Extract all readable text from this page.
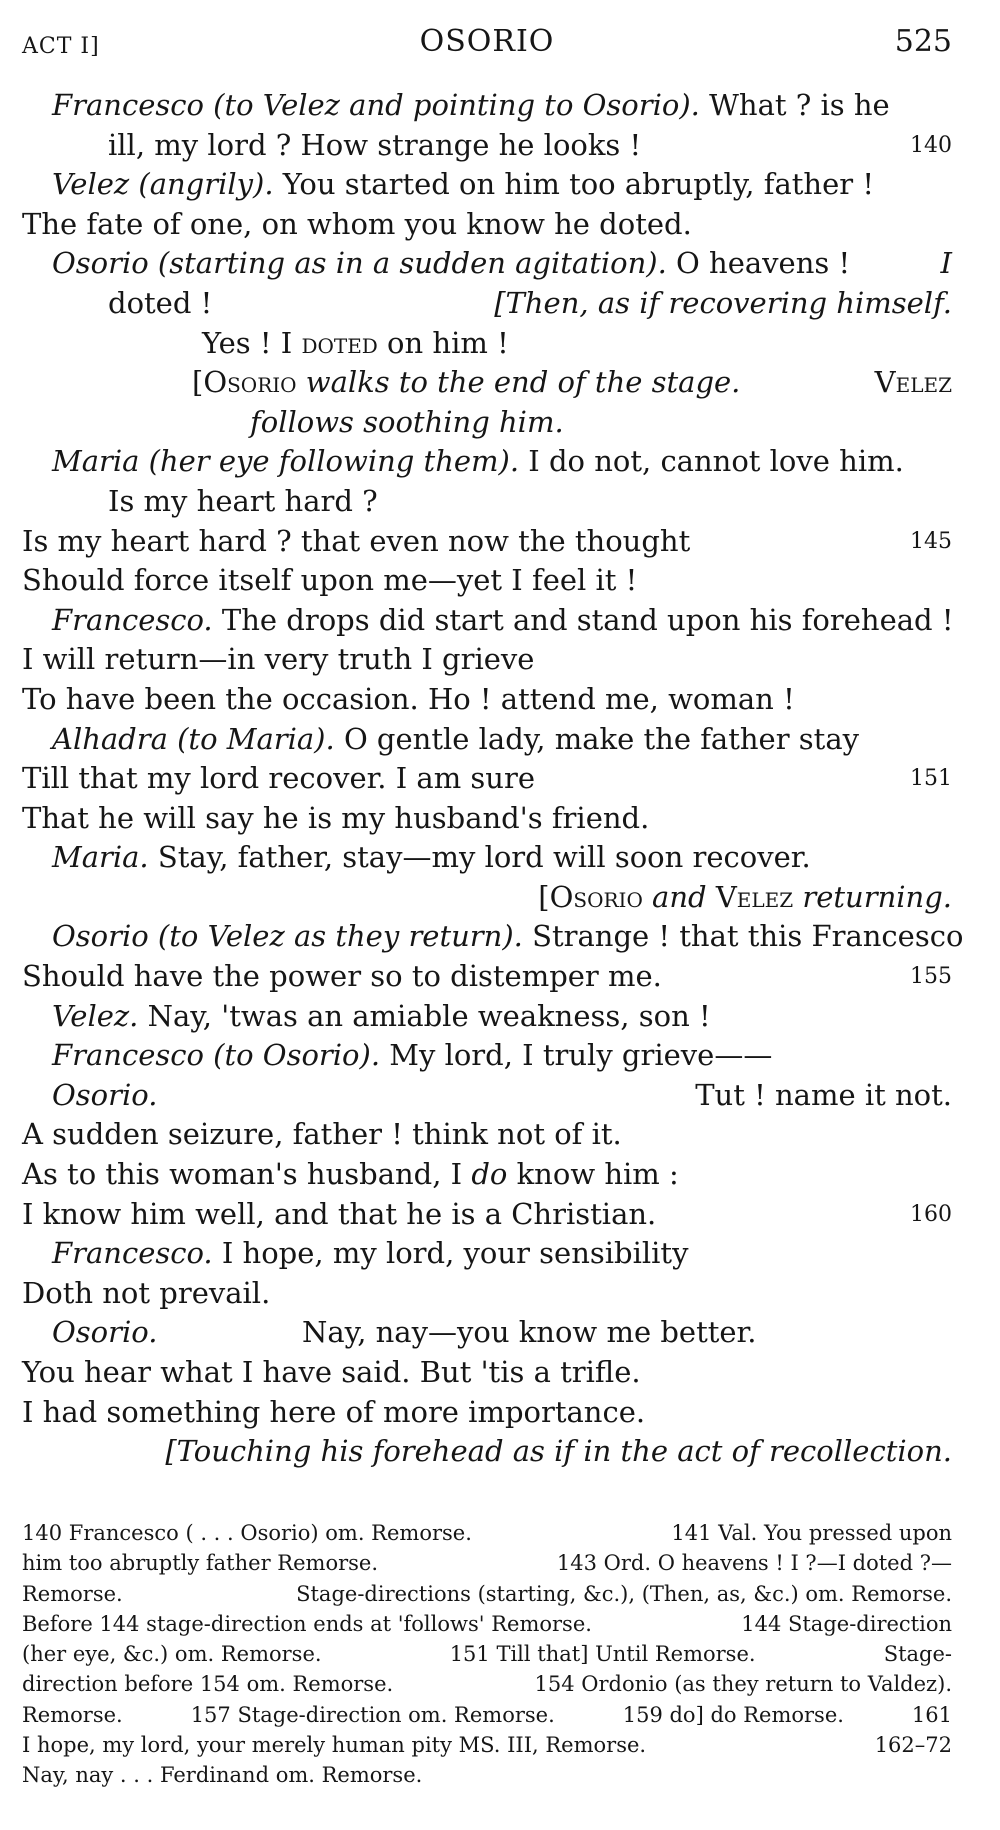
ACT I]	OSORIO	525
Francesco (to Velez and pointing to Osorio). What ? is he
ill, my lord ? How strange he looks !	140
Velez (angrily). You started on him too abruptly, father !
The fate of one, on whom you know he doted.
Osorio (starting as in a sudden agitation). O heavens !	I
doted !	[Then, as if recovering himself.
Yes ! I doted on him !
[Osorio walks to the end of the stage.	Velez
follows soothing him.
Maria (her eye following them). I do not, cannot love him.
Is my heart hard ?
Is my heart hard ? that even now the thought	145
Should force itself upon me—yet I feel it !
Francesco. The drops did start and stand upon his forehead !
I will return—in very truth I grieve
To have been the occasion. Ho ! attend me, woman !
Alhadra (to Maria). O gentle lady, make the father stay
Till that my lord recover. I am sure	151
That he will say he is my husband's friend.
Maria. Stay, father, stay—my lord will soon recover.
[Osorio and Velez returning.
Osorio (to Velez as they return). Strange ! that this Francesco
Should have the power so to distemper me.	155
Velez. Nay, 'twas an amiable weakness, son !
Francesco (to Osorio). My lord, I truly grieve——
Osorio.	Tut ! name it not.
A sudden seizure, father ! think not of it.
As to this woman's husband, I do know him :
I know him well, and that he is a Christian.	160
Francesco. I hope, my lord, your sensibility
Doth not prevail.
Osorio.	Nay, nay—you know me better.
You hear what I have said. But 'tis a trifle.
I had something here of more importance.
[Touching his forehead as if in the act of recollection.
140 Francesco ( . . . Osorio) om. Remorse.	141 Val. You pressed upon
him too abruptly father Remorse.	143 Ord. O heavens ! I ?—I doted ?—
Remorse.	Stage-directions (starting, &c.), (Then, as, &c.) om. Remorse.
Before 144 stage-direction ends at 'follows' Remorse.	144 Stage-direction
(her eye, &c.) om. Remorse.	151 Till that] Until Remorse.	Stage-
direction before 154 om. Remorse.	154 Ordonio (as they return to Valdez).
Remorse.	157 Stage-direction om. Remorse.	159 do] do Remorse.	161
I hope, my lord, your merely human pity MS. III, Remorse.	162–72
Nay, nay . . . Ferdinand om. Remorse.
